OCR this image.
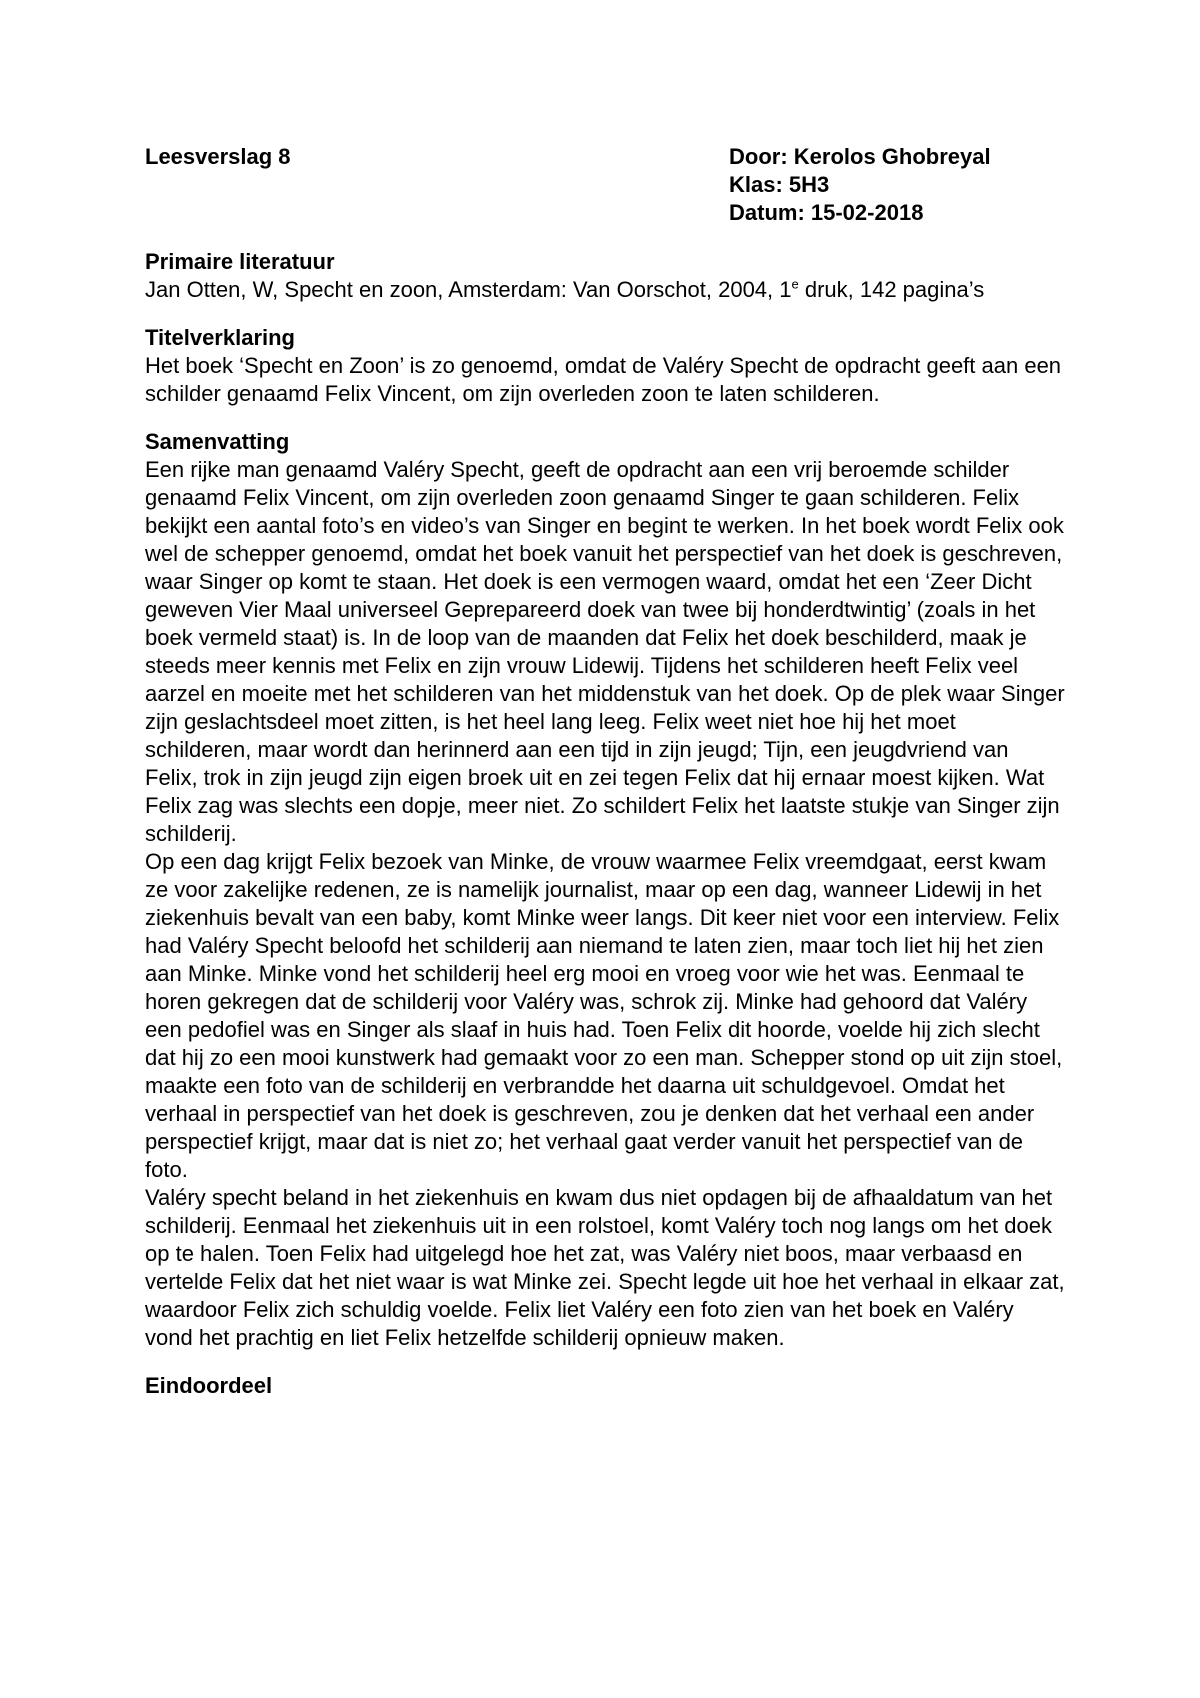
Leesverslag 8	Door: Kerolos Ghobreyal
Klas: 5H3
Datum: 15-02-2018
Primaire literatuur

Jan Otten, W, Specht en zoon, Amsterdam: Van Oorschot, 2004, 1e druk, 142 pagina’s

Titelverklaring

Het boek ‘Specht en Zoon’ is zo genoemd, omdat de Valéry Specht de opdracht geeft aan een schilder genaamd Felix Vincent, om zijn overleden zoon te laten schilderen.

Samenvatting

Een rijke man genaamd Valéry Specht, geeft de opdracht aan een vrij beroemde schilder genaamd Felix Vincent, om zijn overleden zoon genaamd Singer te gaan schilderen. Felix bekijkt een aantal foto’s en video’s van Singer en begint te werken. In het boek wordt Felix ook wel de schepper genoemd, omdat het boek vanuit het perspectief van het doek is geschreven, waar Singer op komt te staan. Het doek is een vermogen waard, omdat het een ‘Zeer Dicht geweven Vier Maal universeel Geprepareerd doek van twee bij honderdtwintig’ (zoals in het boek vermeld staat) is. In de loop van de maanden dat Felix het doek beschilderd, maak je steeds meer kennis met Felix en zijn vrouw Lidewij. Tijdens het schilderen heeft Felix veel aarzel en moeite met het schilderen van het middenstuk van het doek. Op de plek waar Singer zijn geslachtsdeel moet zitten, is het heel lang leeg. Felix weet niet hoe hij het moet schilderen, maar wordt dan herinnerd aan een tijd in zijn jeugd; Tijn, een jeugdvriend van Felix, trok in zijn jeugd zijn eigen broek uit en zei tegen Felix dat hij ernaar moest kijken. Wat Felix zag was slechts een dopje, meer niet. Zo schildert Felix het laatste stukje van Singer zijn schilderij.

Op een dag krijgt Felix bezoek van Minke, de vrouw waarmee Felix vreemdgaat, eerst kwam ze voor zakelijke redenen, ze is namelijk journalist, maar op een dag, wanneer Lidewij in het ziekenhuis bevalt van een baby, komt Minke weer langs. Dit keer niet voor een interview. Felix had Valéry Specht beloofd het schilderij aan niemand te laten zien, maar toch liet hij het zien aan Minke. Minke vond het schilderij heel erg mooi en vroeg voor wie het was. Eenmaal te horen gekregen dat de schilderij voor Valéry was, schrok zij. Minke had gehoord dat Valéry een pedofiel was en Singer als slaaf in huis had. Toen Felix dit hoorde, voelde hij zich slecht dat hij zo een mooi kunstwerk had gemaakt voor zo een man. Schepper stond op uit zijn stoel, maakte een foto van de schilderij en verbrandde het daarna uit schuldgevoel. Omdat het verhaal in perspectief van het doek is geschreven, zou je denken dat het verhaal een ander perspectief krijgt, maar dat is niet zo; het verhaal gaat verder vanuit het perspectief van de foto.

Valéry specht beland in het ziekenhuis en kwam dus niet opdagen bij de afhaaldatum van het schilderij. Eenmaal het ziekenhuis uit in een rolstoel, komt Valéry toch nog langs om het doek op te halen. Toen Felix had uitgelegd hoe het zat, was Valéry niet boos, maar verbaasd en vertelde Felix dat het niet waar is wat Minke zei. Specht legde uit hoe het verhaal in elkaar zat, waardoor Felix zich schuldig voelde. Felix liet Valéry een foto zien van het boek en Valéry vond het prachtig en liet Felix hetzelfde schilderij opnieuw maken.

Eindoordeel
